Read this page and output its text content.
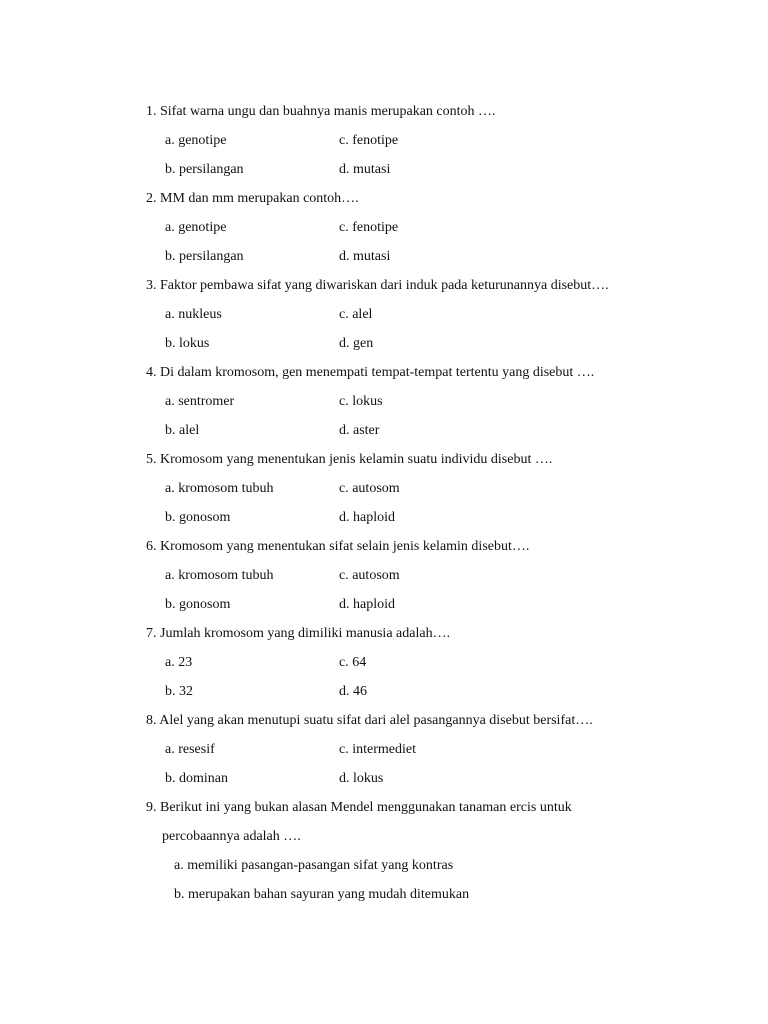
1. Sifat warna ungu dan buahnya manis merupakan contoh ….
a. genotipe	c. fenotipe
b. persilangan	d. mutasi
2. MM dan mm merupakan contoh….
a. genotipe	c. fenotipe
b. persilangan	d. mutasi
3. Faktor pembawa sifat yang diwariskan dari induk pada keturunannya disebut….
a. nukleus	c. alel
b. lokus	d. gen
4. Di dalam kromosom, gen menempati tempat-tempat tertentu yang disebut ….
a. sentromer	c. lokus
b. alel	d. aster
5. Kromosom yang menentukan jenis kelamin suatu individu disebut ….
a. kromosom tubuh	c. autosom
b. gonosom	d. haploid
6. Kromosom yang menentukan sifat selain jenis kelamin disebut….
a. kromosom tubuh	c. autosom
b. gonosom	d. haploid
7. Jumlah kromosom yang dimiliki manusia adalah….
a. 23	c. 64
b. 32	d. 46
8. Alel yang akan menutupi suatu sifat dari alel pasangannya disebut bersifat….
a. resesif	c. intermediet
b. dominan	d. lokus
9. Berikut ini yang bukan alasan Mendel menggunakan tanaman ercis untuk
percobaannya adalah ….
a. memiliki pasangan-pasangan sifat yang kontras
b. merupakan bahan sayuran yang mudah ditemukan
